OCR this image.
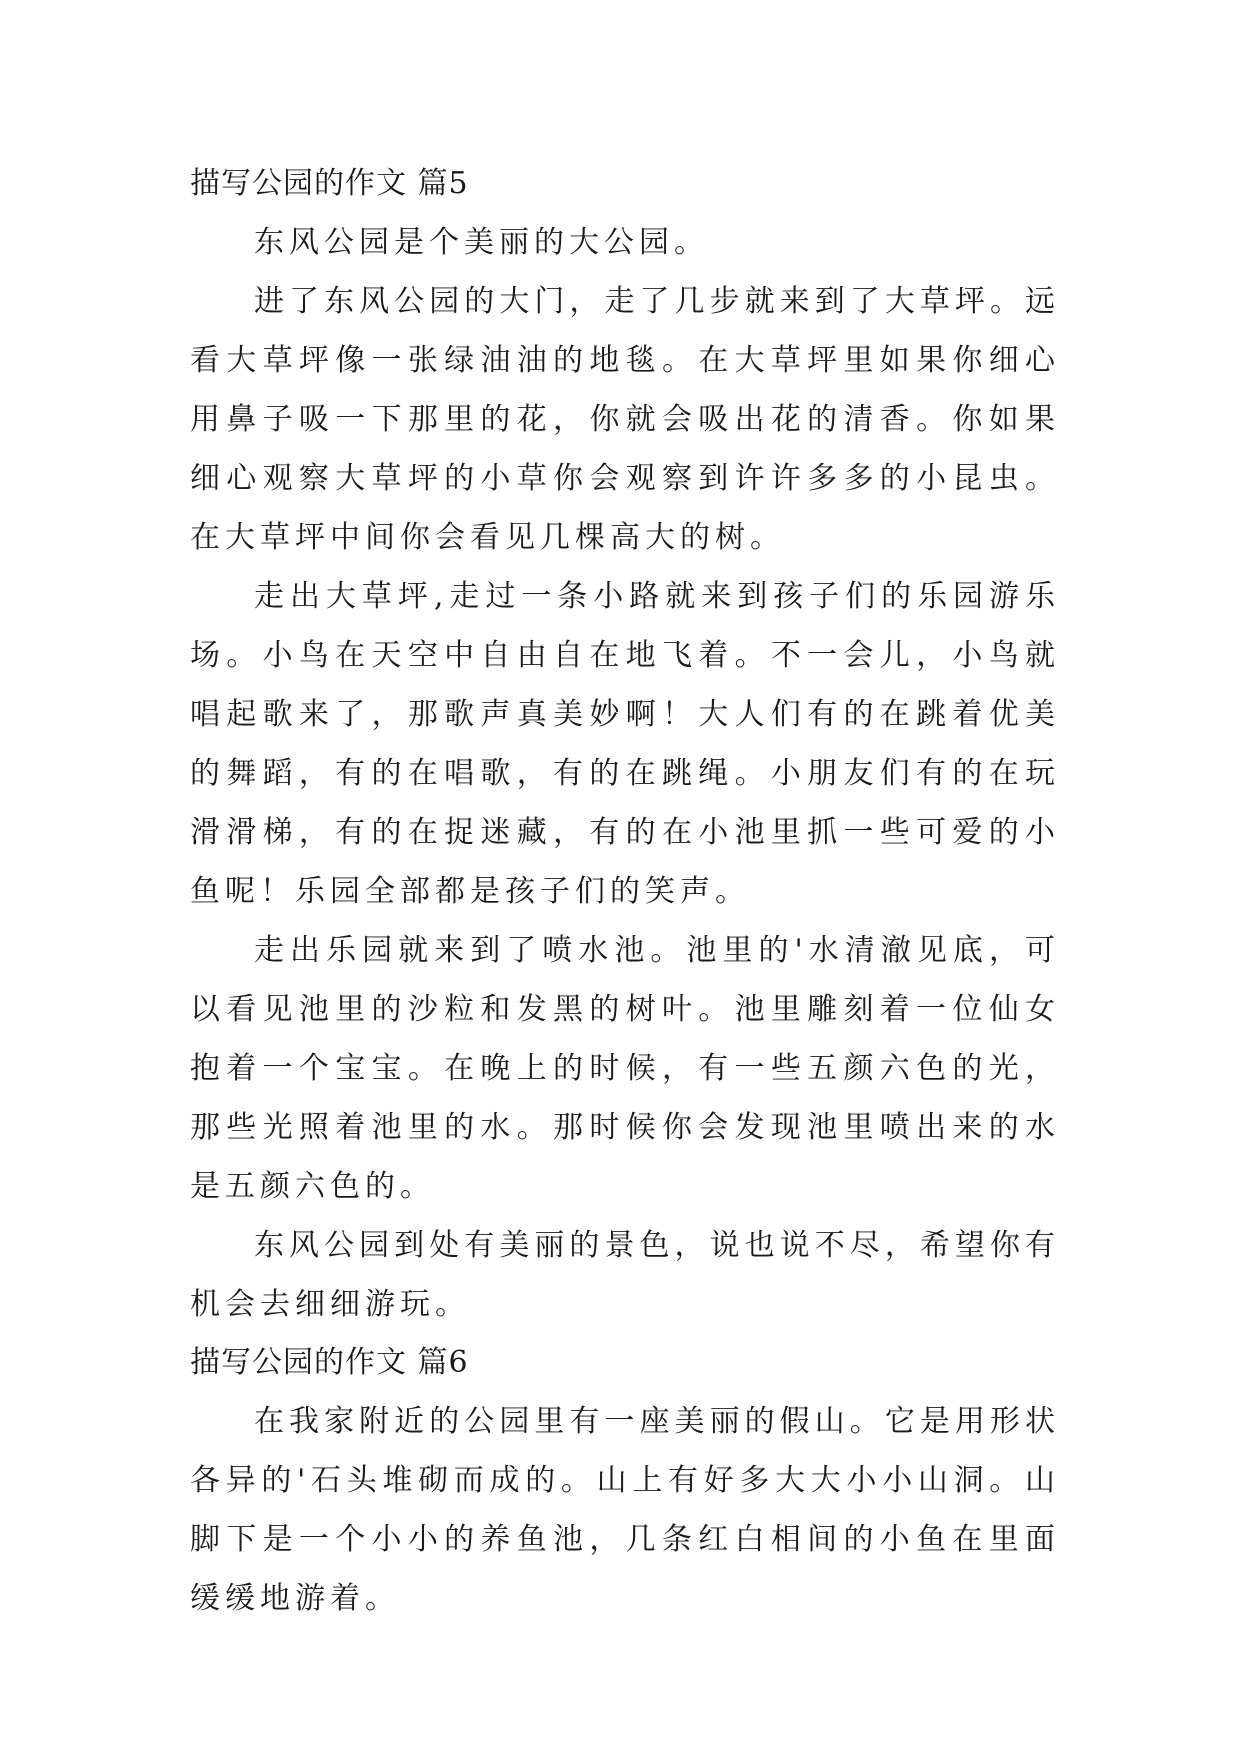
描写公园的作文 篇5

东风公园是个美丽的大公园。

进了东风公园的大门，走了几步就来到了大草坪。远看大草坪像一张绿油油的地毯。在大草坪里如果你细心用鼻子吸一下那里的花，你就会吸出花的清香。你如果细心观察大草坪的小草你会观察到许许多多的小昆虫。在大草坪中间你会看见几棵高大的树。

走出大草坪,走过一条小路就来到孩子们的乐园游乐场。小鸟在天空中自由自在地飞着。不一会儿，小鸟就唱起歌来了，那歌声真美妙啊！大人们有的在跳着优美的舞蹈，有的在唱歌，有的在跳绳。小朋友们有的在玩滑滑梯，有的在捉迷藏，有的在小池里抓一些可爱的小鱼呢！乐园全部都是孩子们的笑声。

走出乐园就来到了喷水池。池里的'水清澈见底，可以看见池里的沙粒和发黑的树叶。池里雕刻着一位仙女抱着一个宝宝。在晚上的时候，有一些五颜六色的光，那些光照着池里的水。那时候你会发现池里喷出来的水是五颜六色的。

东风公园到处有美丽的景色，说也说不尽，希望你有机会去细细游玩。

描写公园的作文 篇6

在我家附近的公园里有一座美丽的假山。它是用形状各异的'石头堆砌而成的。山上有好多大大小小山洞。山脚下是一个小小的养鱼池，几条红白相间的小鱼在里面缓缓地游着。
